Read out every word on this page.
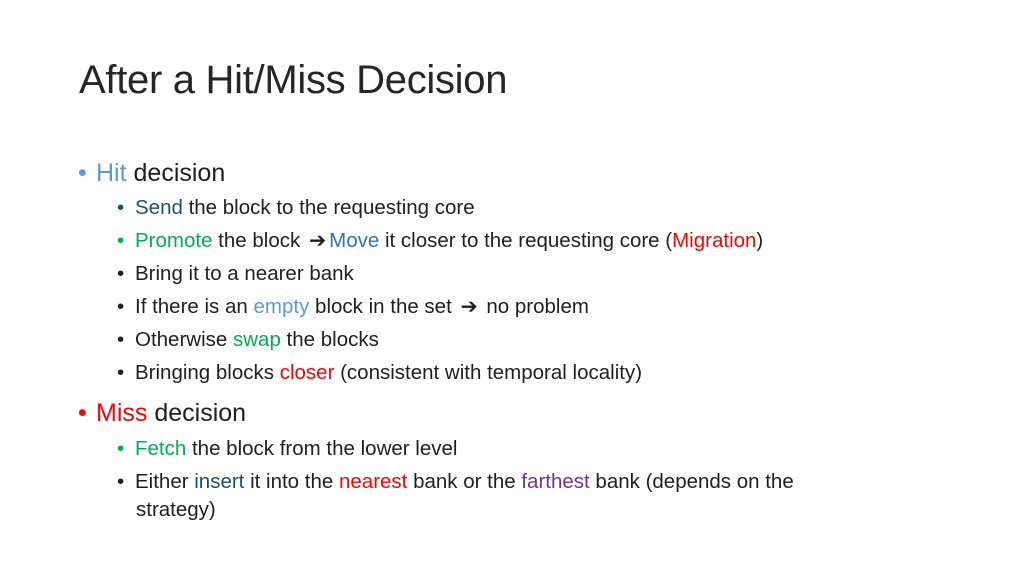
After a Hit/Miss Decision
• Hit decision
• Send the block to the requesting core
• Promote the block ➔ Move it closer to the requesting core (Migration)
• Bring it to a nearer bank
• If there is an empty block in the set ➔ no problem
• Otherwise swap the blocks
• Bringing blocks closer (consistent with temporal locality)
• Miss decision
• Fetch the block from the lower level
• Either insert it into the nearest bank or the farthest bank (depends on the
strategy)
